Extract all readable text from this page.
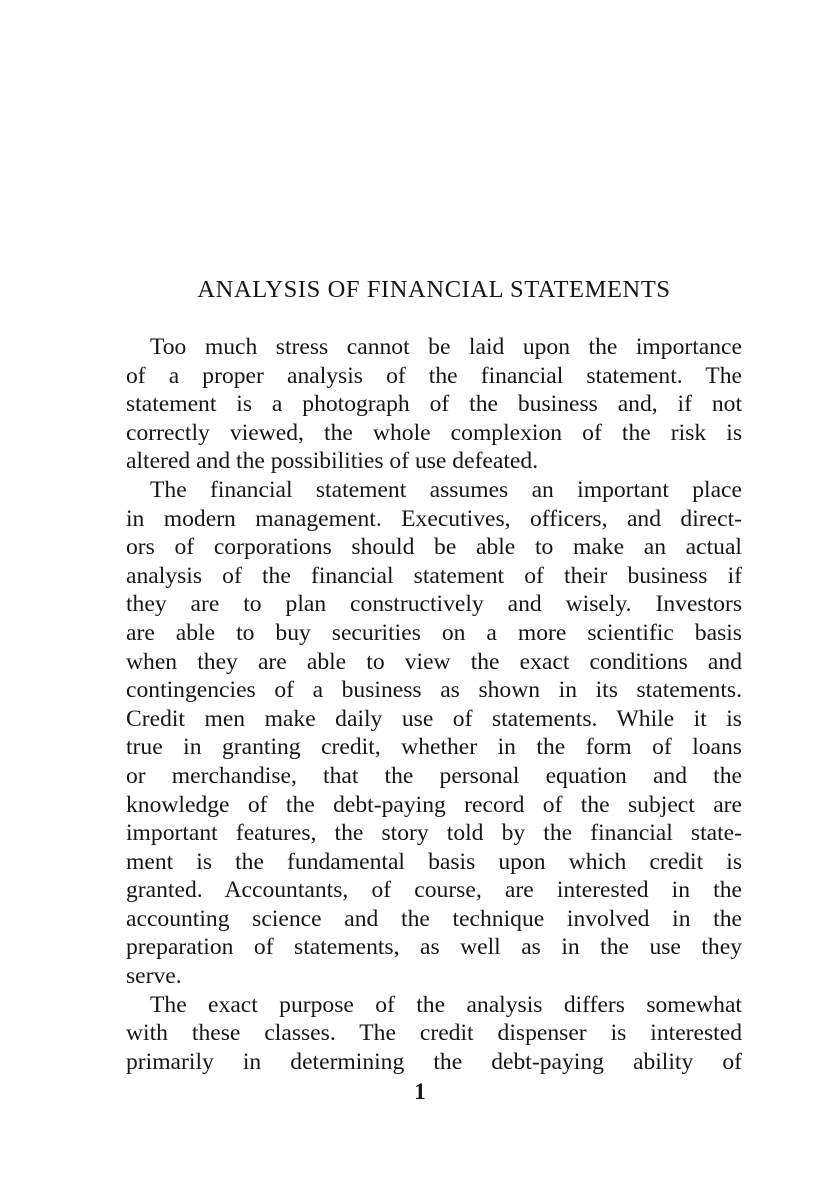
ANALYSIS OF FINANCIAL STATEMENTS
Too much stress cannot be laid upon the importance
of a proper analysis of the financial statement. The
statement is a photograph of the business and, if not
correctly viewed, the whole complexion of the risk is
altered and the possibilities of use defeated.
The financial statement assumes an important place
in modern management. Executives, officers, and direct-
ors of corporations should be able to make an actual
analysis of the financial statement of their business if
they are to plan constructively and wisely. Investors
are able to buy securities on a more scientific basis
when they are able to view the exact conditions and
contingencies of a business as shown in its statements.
Credit men make daily use of statements. While it is
true in granting credit, whether in the form of loans
or merchandise, that the personal equation and the
knowledge of the debt-paying record of the subject are
important features, the story told by the financial state-
ment is the fundamental basis upon which credit is
granted. Accountants, of course, are interested in the
accounting science and the technique involved in the
preparation of statements, as well as in the use they
serve.
The exact purpose of the analysis differs somewhat
with these classes. The credit dispenser is interested
primarily in determining the debt-paying ability of
1
